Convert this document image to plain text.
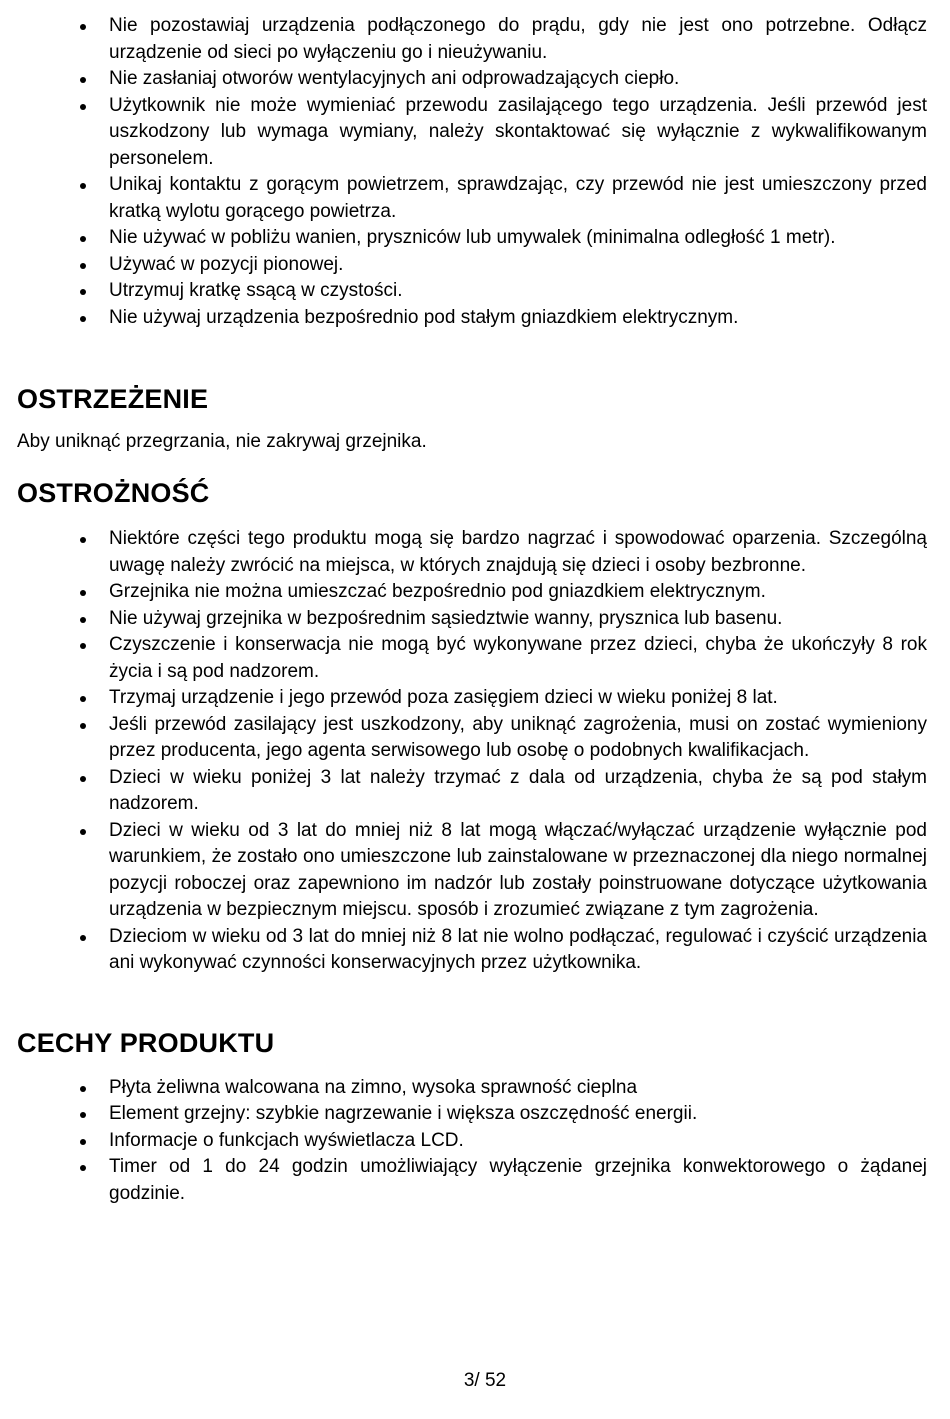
Nie pozostawiaj urządzenia podłączonego do prądu, gdy nie jest ono potrzebne. Odłącz urządzenie od sieci po wyłączeniu go i nieużywaniu.
Nie zasłaniaj otworów wentylacyjnych ani odprowadzających ciepło.
Użytkownik nie może wymieniać przewodu zasilającego tego urządzenia. Jeśli przewód jest uszkodzony lub wymaga wymiany, należy skontaktować się wyłącznie z wykwalifikowanym personelem.
Unikaj kontaktu z gorącym powietrzem, sprawdzając, czy przewód nie jest umieszczony przed kratką wylotu gorącego powietrza.
Nie używać w pobliżu wanien, pryszniców lub umywalek (minimalna odległość 1 metr).
Używać w pozycji pionowej.
Utrzymuj kratkę ssącą w czystości.
Nie używaj urządzenia bezpośrednio pod stałym gniazdkiem elektrycznym.
OSTRZEŻENIE

Aby uniknąć przegrzania, nie zakrywaj grzejnika.

OSTROŻNOŚĆ
Niektóre części tego produktu mogą się bardzo nagrzać i spowodować oparzenia. Szczególną uwagę należy zwrócić na miejsca, w których znajdują się dzieci i osoby bezbronne.
Grzejnika nie można umieszczać bezpośrednio pod gniazdkiem elektrycznym.
Nie używaj grzejnika w bezpośrednim sąsiedztwie wanny, prysznica lub basenu.
Czyszczenie i konserwacja nie mogą być wykonywane przez dzieci, chyba że ukończyły 8 rok życia i są pod nadzorem.
Trzymaj urządzenie i jego przewód poza zasięgiem dzieci w wieku poniżej 8 lat.
Jeśli przewód zasilający jest uszkodzony, aby uniknąć zagrożenia, musi on zostać wymieniony przez producenta, jego agenta serwisowego lub osobę o podobnych kwalifikacjach.
Dzieci w wieku poniżej 3 lat należy trzymać z dala od urządzenia, chyba że są pod stałym nadzorem.
Dzieci w wieku od 3 lat do mniej niż 8 lat mogą włączać/wyłączać urządzenie wyłącznie pod warunkiem, że zostało ono umieszczone lub zainstalowane w przeznaczonej dla niego normalnej pozycji roboczej oraz zapewniono im nadzór lub zostały poinstruowane dotyczące użytkowania urządzenia w bezpiecznym miejscu. sposób i zrozumieć związane z tym zagrożenia.
Dzieciom w wieku od 3 lat do mniej niż 8 lat nie wolno podłączać, regulować i czyścić urządzenia ani wykonywać czynności konserwacyjnych przez użytkownika.
CECHY PRODUKTU
Płyta żeliwna walcowana na zimno, wysoka sprawność cieplna
Element grzejny: szybkie nagrzewanie i większa oszczędność energii.
Informacje o funkcjach wyświetlacza LCD.
Timer od 1 do 24 godzin umożliwiający wyłączenie grzejnika konwektorowego o żądanej godzinie.
3/ 52
